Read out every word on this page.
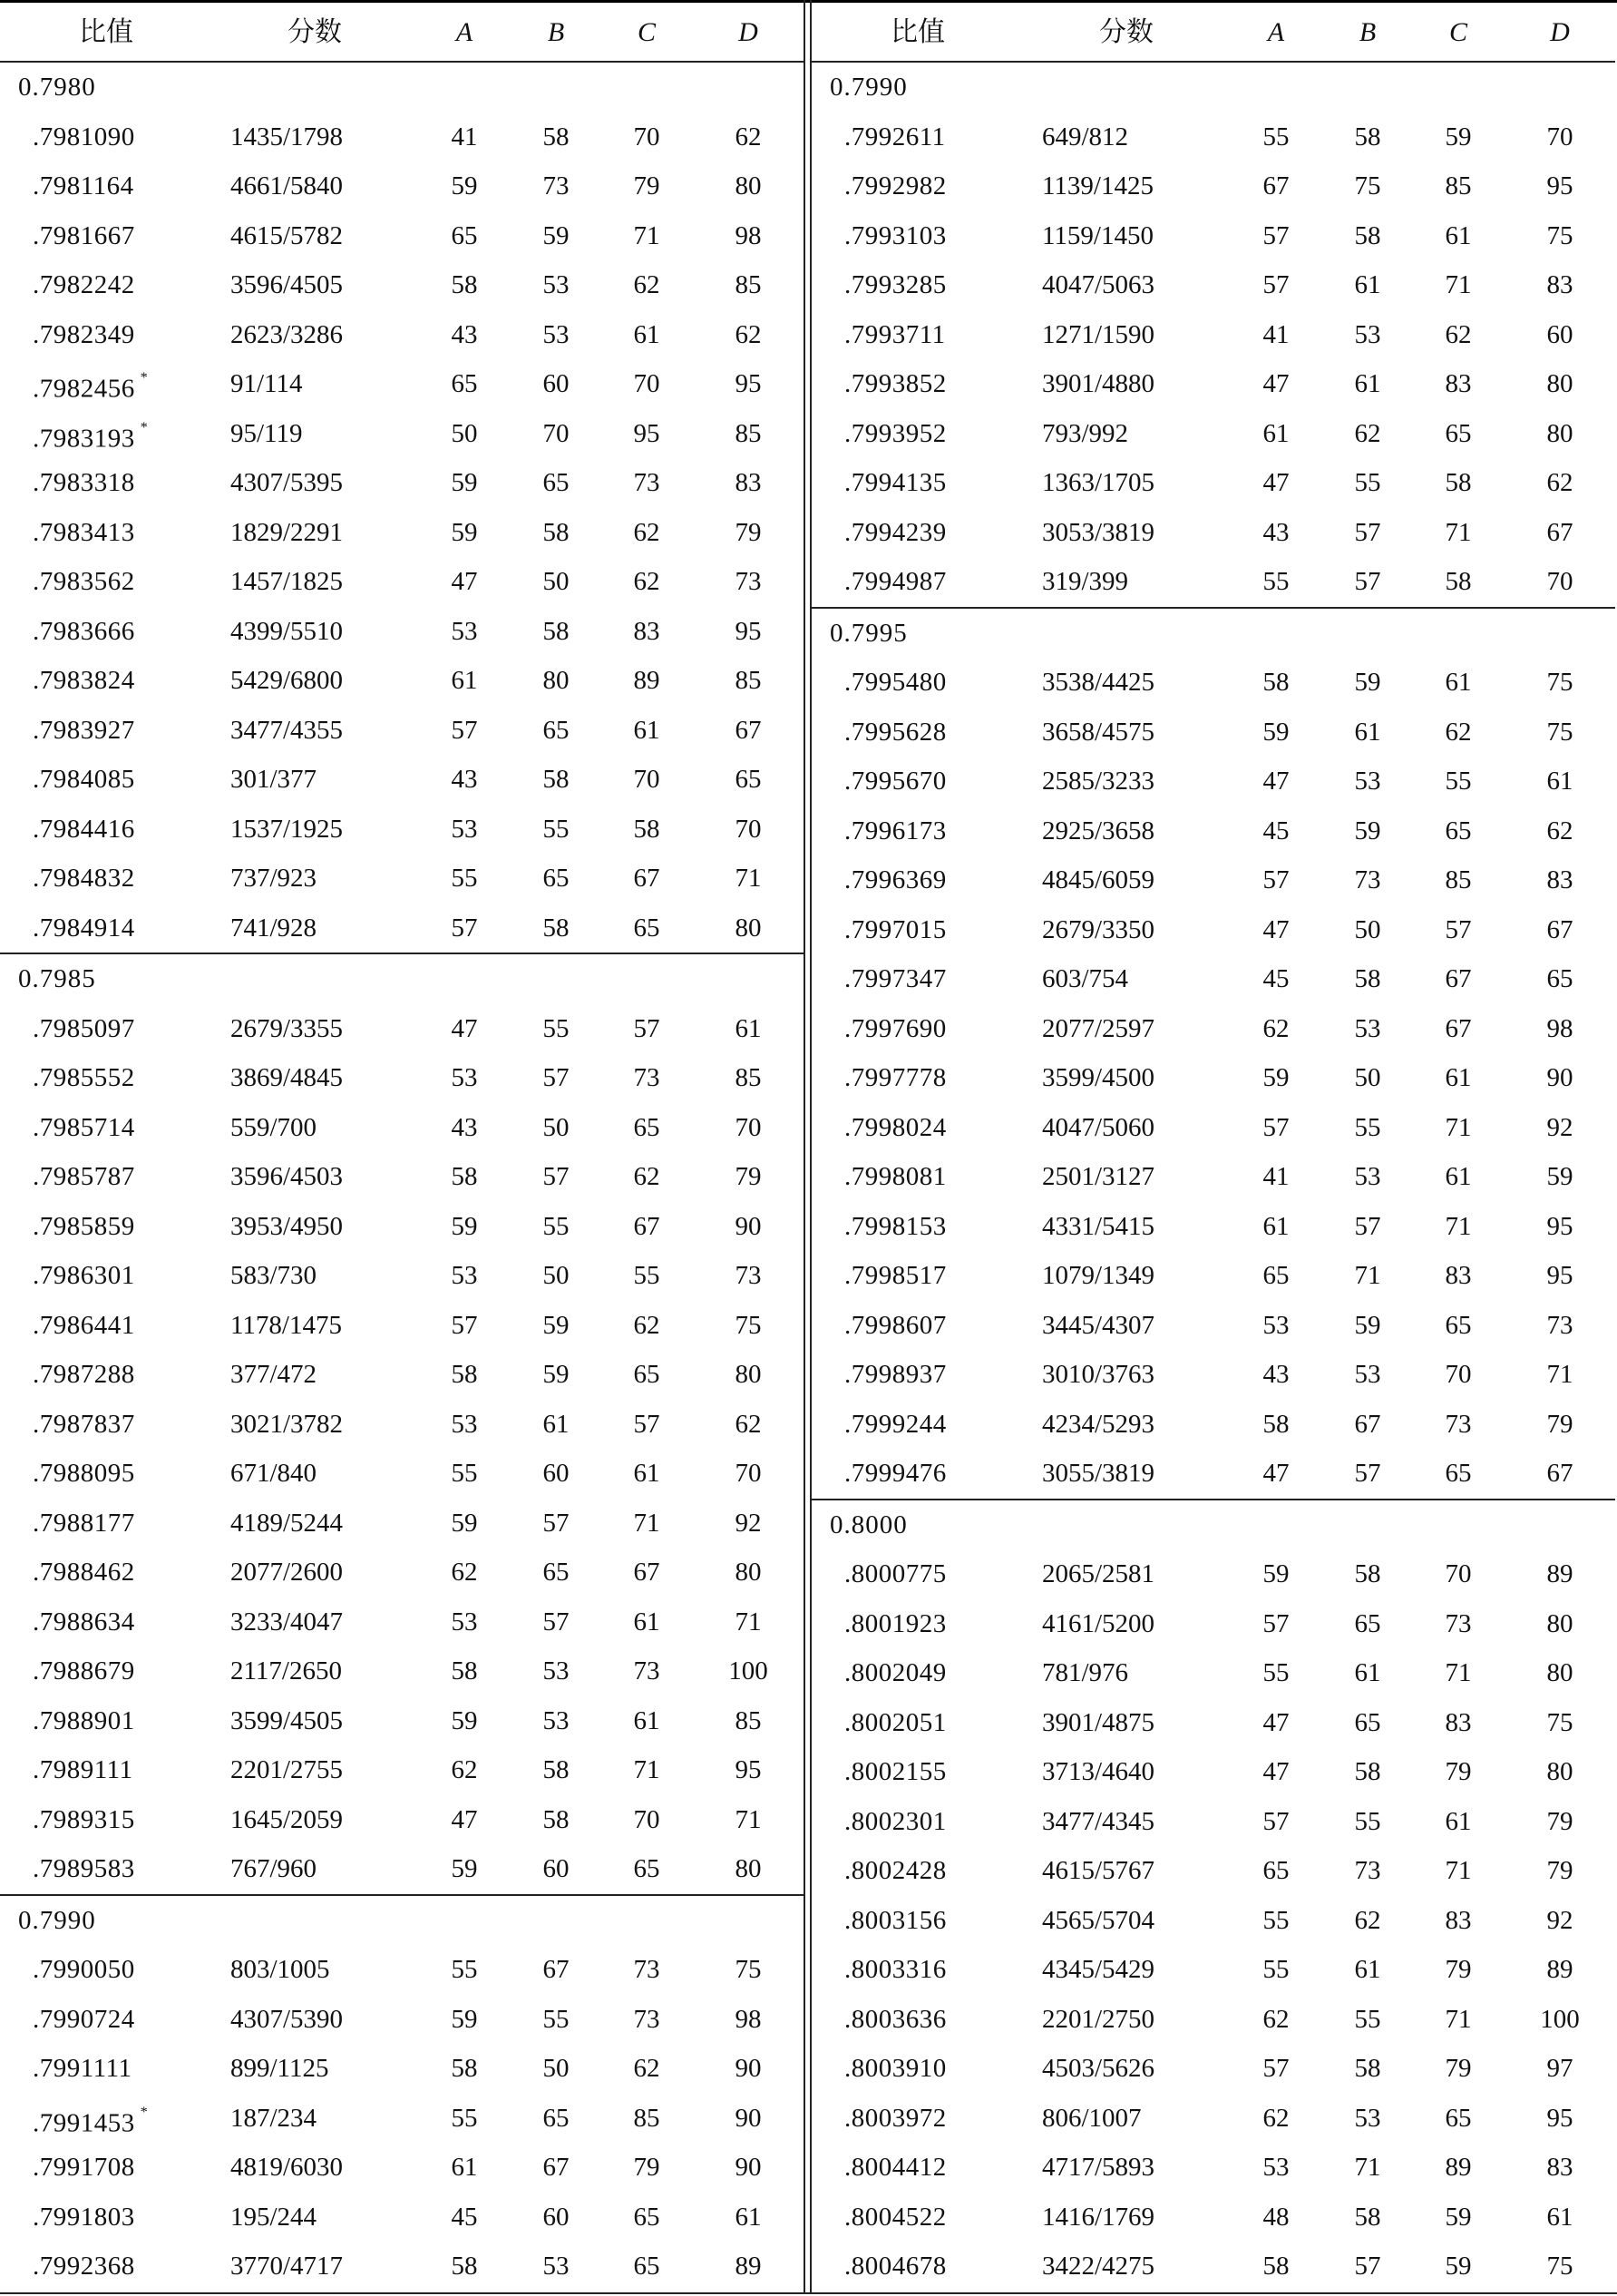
比值	分数	A	B	C	D
0.7980
.7981090	1435/1798	41 58 70	62
.7981164	4661/5840	59 73 79	80
.7981667	4615/5782	65 59 71	98
.7982242	3596/4505	58 53 62	85
.7982349	2623/3286	43 53 61	62
.7982456 *	91/114	65 60 70	95
.7983193 *	95/119	50 70 95	85
.7983318	4307/5395	59 65 73	83
.7983413	1829/2291	59 58 62	79
.7983562	1457/1825	47 50 62	73
.7983666	4399/5510	53 58 83	95
.7983824	5429/6800	61 80 89	85
.7983927	3477/4355	57 65 61	67
.7984085	301/377	43 58 70	65
.7984416	1537/1925	53 55 58	70
.7984832	737/923	55 65 67	71
.7984914	741/928	57 58 65	80
0.7985
.7985097	2679/3355	47 55 57	61
.7985552	3869/4845	53 57 73	85
.7985714	559/700	43 50 65	70
.7985787	3596/4503	58 57 62	79
.7985859	3953/4950	59 55 67	90
.7986301	583/730	53 50 55	73
.7986441	1178/1475	57 59 62	75
.7987288	377/472	58 59 65	80
.7987837	3021/3782	53 61 57	62
.7988095	671/840	55 60 61	70
.7988177	4189/5244	59 57 71	92
.7988462	2077/2600	62 65 67	80
.7988634	3233/4047	53 57 61	71
.7988679	2117/2650	58 53 73	100
.7988901	3599/4505	59 53 61	85
.7989111	2201/2755	62 58 71	95
.7989315	1645/2059	47 58 70	71
.7989583	767/960	59 60 65	80
0.7990
.7990050	803/1005	55 67 73	75
.7990724	4307/5390	59 55 73	98
.7991111	899/1125	58 50 62	90
.7991453 *	187/234	55 65 85	90
.7991708	4819/6030	61 67 79	90
.7991803	195/244	45 60 65	61
.7992368	3770/4717	58 53 65	89
比值	分数	A	B	C	D
0.7990
.7992611	649/812	55 58 59	70
.7992982	1139/1425	67 75 85	95
.7993103	1159/1450	57 58 61	75
.7993285	4047/5063	57 61 71	83
.7993711	1271/1590	41 53 62	60
.7993852	3901/4880	47 61 83	80
.7993952	793/992	61 62 65	80
.7994135	1363/1705	47 55 58	62
.7994239	3053/3819	43 57 71	67
.7994987	319/399	55 57 58	70
0.7995
.7995480	3538/4425	58 59 61	75
.7995628	3658/4575	59 61 62	75
.7995670	2585/3233	47 53 55	61
.7996173	2925/3658	45 59 65	62
.7996369	4845/6059	57 73 85	83
.7997015	2679/3350	47 50 57	67
.7997347	603/754	45 58 67	65
.7997690	2077/2597	62 53 67	98
.7997778	3599/4500	59 50 61	90
.7998024	4047/5060	57 55 71	92
.7998081	2501/3127	41 53 61	59
.7998153	4331/5415	61 57 71	95
.7998517	1079/1349	65 71 83	95
.7998607	3445/4307	53 59 65	73
.7998937	3010/3763	43 53 70	71
.7999244	4234/5293	58 67 73	79
.7999476	3055/3819	47 57 65	67
0.8000
.8000775	2065/2581	59 58 70	89
.8001923	4161/5200	57 65 73	80
.8002049	781/976	55 61 71	80
.8002051	3901/4875	47 65 83	75
.8002155	3713/4640	47 58 79	80
.8002301	3477/4345	57 55 61	79
.8002428	4615/5767	65 73 71	79
.8003156	4565/5704	55 62 83	92
.8003316	4345/5429	55 61 79	89
.8003636	2201/2750	62 55 71	100
.8003910	4503/5626	57 58 79	97
.8003972	806/1007	62 53 65	95
.8004412	4717/5893	53 71 89	83
.8004522	1416/1769	48 58 59	61
.8004678	3422/4275	58 57 59	75
